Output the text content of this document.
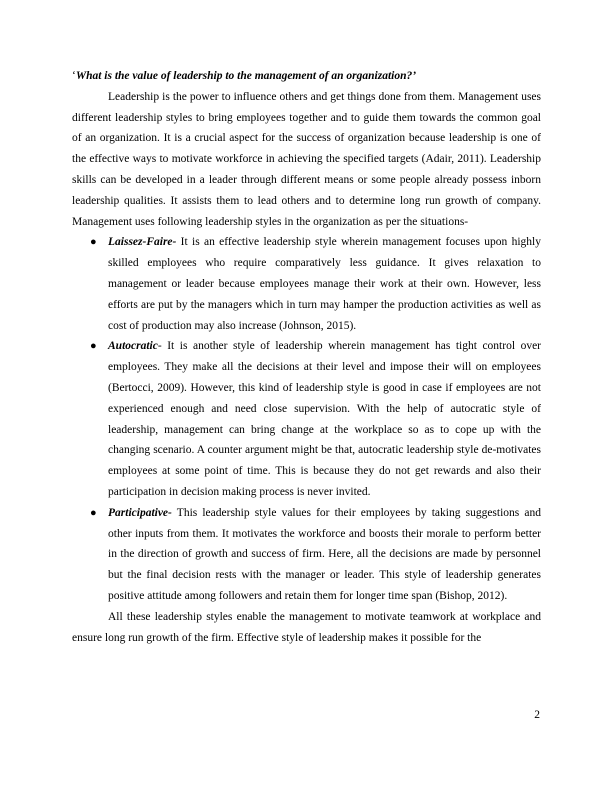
‘What is the value of leadership to the management of an organization?’

Leadership is the power to influence others and get things done from them. Management uses different leadership styles to bring employees together and to guide them towards the common goal of an organization. It is a crucial aspect for the success of organization because leadership is one of the effective ways to motivate workforce in achieving the specified targets (Adair, 2011). Leadership skills can be developed in a leader through different means or some people already possess inborn leadership qualities. It assists them to lead others and to determine long run growth of company. Management uses following leadership styles in the organization as per the situations-

● Laissez-Faire- It is an effective leadership style wherein management focuses upon highly skilled employees who require comparatively less guidance. It gives relaxation to management or leader because employees manage their work at their own. However, less efforts are put by the managers which in turn may hamper the production activities as well as cost of production may also increase (Johnson, 2015).
● Autocratic- It is another style of leadership wherein management has tight control over employees. They make all the decisions at their level and impose their will on employees (Bertocci, 2009). However, this kind of leadership style is good in case if employees are not experienced enough and need close supervision. With the help of autocratic style of leadership, management can bring change at the workplace so as to cope up with the changing scenario. A counter argument might be that, autocratic leadership style de-motivates employees at some point of time. This is because they do not get rewards and also their participation in decision making process is never invited.
● Participative- This leadership style values for their employees by taking suggestions and other inputs from them. It motivates the workforce and boosts their morale to perform better in the direction of growth and success of firm. Here, all the decisions are made by personnel but the final decision rests with the manager or leader. This style of leadership generates positive attitude among followers and retain them for longer time span (Bishop, 2012).

All these leadership styles enable the management to motivate teamwork at workplace and ensure long run growth of the firm. Effective style of leadership makes it possible for the

2
